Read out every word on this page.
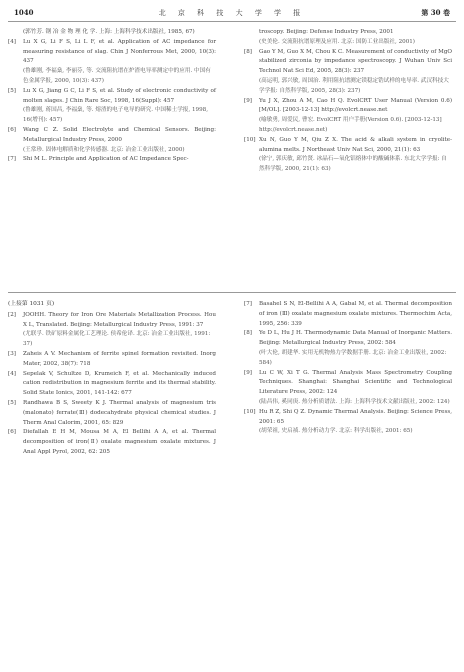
1040	北 京 科 技 大 学 学 报	第 30 卷
(郭竹芳. 钢 冶 金 物 理 化 学. 上海: 上海科学技术出版社, 1985, 67)
[ 4 ]	Lu X G, Li F S, Li L F, et al. Application of AC impedance for measuring resistance of slag. Chin J Nonferrous Met, 2000, 10(3): 437
(鲁雄刚, 李福燊, 李丽芬, 等. 交流阻抗谱在炉渣电导率测定中的应用. 中国有色金属学报, 2000, 10(3): 437)
[ 5 ]	Lu X G, Jiang G C, Li F S, et al. Study of electronic conductivity of molten slages. J Chin Rare Soc, 1998, 16(Suppl): 457
(鲁雄刚, 蒋国昌, 李福燊, 等. 熔渣的电子电导的研究. 中国稀土学报, 1998, 16(增刊): 457)
[ 6 ]	Wang C Z. Solid Electrolyte and Chemical Sensors. Beijing: Metallurgical Industry Press, 2000
(王常珍. 固体电解质和化学传感器. 北京: 冶金工业出版社, 2000)
[ 7 ]	Shi M L. Principle and Application of AC Impedance Spec-
troscopy. Beijing: Defense Industry Press, 2001
(史美伦. 交流阻抗谱原理及应用. 北京: 国防工业出版社, 2001)
[ 8 ]	Gao Y M, Guo X M, Chou K C. Measurement of conductivity of MgO stabilized zirconia by impedance spectroscopy. J Wuhan Univ Sci Technol Nat Sci Ed, 2005, 28(3): 237
(高运明, 郭兴敏, 周国治. 利用阻抗谱测定镁稳定锆试样的电导率. 武汉科技大学学报: 自然科学版, 2005, 28(3): 237)
[ 9 ]	Yu J X, Zhou A M, Cao H Q. EvolCRT User Manual (Version 0.6) [M/OL]. [2003-12-13] http://evolcrt.nease.net
(喻敏勇, 周爱民, 曹宏. EvolCRT 用户手册(Version 0.6). [2003-12-13] http://evolcrt.nease.net)
[ 10 ]	Xu N, Guo Y M, Qiu Z X. The acid & alkali system in cryolite-alumina melts. J Northeast Univ Nat Sci, 2000, 21(1): 63
(徐宁, 郭庆敏, 邱竹贤. 冰晶石—氧化铝熔体中的酸碱体系. 东北大学学报: 自然科学版, 2000, 21(1): 63)
(上接第 1031 页)
[ 2 ]	JOOHH. Theory for Iron Ore Materials Metallization Process. Hou X L, Translated. Beijing: Metallurgical Industry Press, 1991: 37
(尤联孚. 铁矿原料金属化工艺理论. 侯希伦译. 北京: 冶金工业出版社, 1991: 37)
[ 3 ]	Zaheis A V. Mechanism of ferrite spinel formation revisited. Inorg Mater, 2002, 38(7): 718
[ 4 ]	Sepelak V, Schultze D, Krumeich F, et al. Mechanically induced cation redistribution in magnesium ferrite and its thermal stability. Solid State Ionics, 2001, 141-142: 677
[ 5 ]	Randhawa B S, Sweety K J. Thermal analysis of magnesium tris (malonato) ferrate(Ⅲ) dodecahydrate physical chemical studies. J Therm Anal Calorim, 2001, 65: 829
[ 6 ]	Diefallah E H M, Mousa M A, El Bellihi A A, et al. Thermal decomposition of iron(Ⅱ) oxalate magnesium oxalate mixtures. J Anal Appl Pyrol, 2002, 62: 205
[ 7 ]	Basahel S N, El-Bellihi A A, Gabal M, et al. Thermal decomposition of iron (Ⅲ) oxalate magnesium oxalate mixtures. Thermochim Acta, 1995, 256: 339
[ 8 ]	Ye D L, Hu J H. Thermodynamic Data Manual of Inorganic Matters. Beijing: Metallurgical Industry Press, 2002: 584
(叶大伦, 胡建华. 实用无机物热力学数据手册. 北京: 冶金工业出版社, 2002: 584)
[ 9 ]	Lu C W, Xi T G. Thermal Analysis Mass Spectrometry Coupling Techniques. Shanghai: Shanghai Scientific and Technological Literature Press, 2002: 124
(陆昌伟, 奚同庚. 热分析质谱法. 上海: 上海科学技术文献出版社, 2002: 124)
[ 10 ]	Hu R Z, Shi Q Z. Dynamic Thermal Analysis. Beijing: Science Press, 2001: 65
(胡荣祖, 史启祯. 热分析动力学. 北京: 科学出版社, 2001: 65)
